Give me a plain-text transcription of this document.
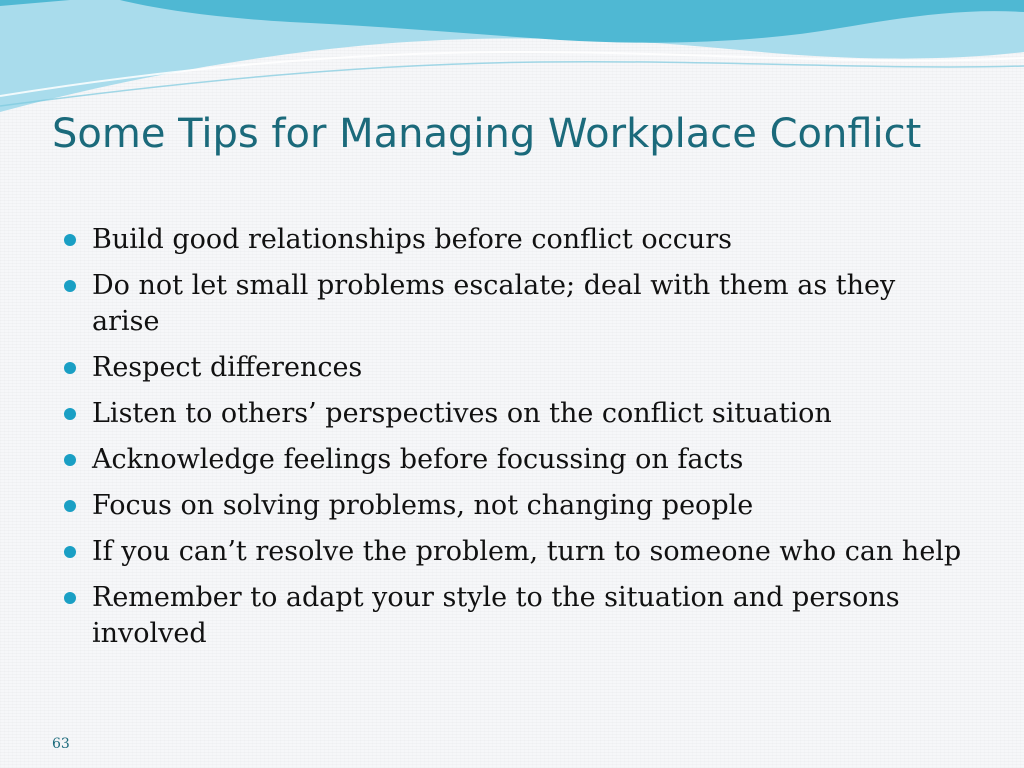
Some Tips for Managing Workplace Conflict
Build good relationships before conflict occurs
Do not let small problems escalate; deal with them as they arise
Respect differences
Listen to others’ perspectives on the conflict situation
Acknowledge feelings before focussing on facts
Focus on solving problems, not changing people
If you can’t resolve the problem, turn to someone who can help
Remember to adapt your style to the situation and persons involved
63
